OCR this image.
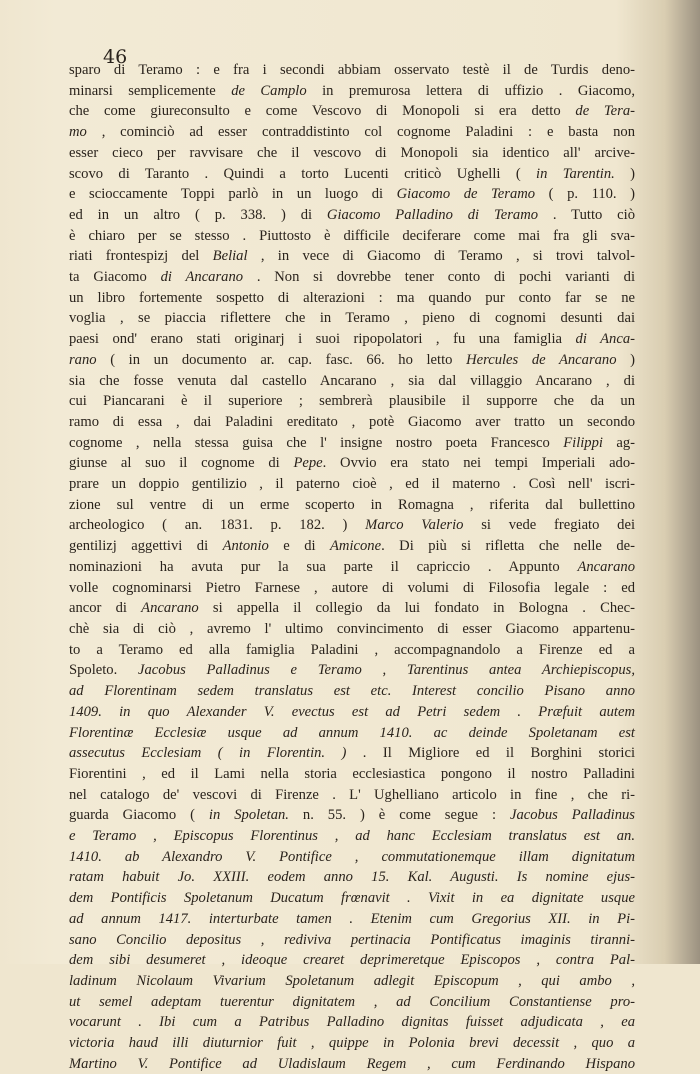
46
sparo di Teramo : e fra i secondi abbiam osservato testè il de Turdis deno-
minarsi semplicemente de Camplo in premurosa lettera di uffizio . Giacomo,
che come giureconsulto e come Vescovo di Monopoli si era detto de Tera-
mo , cominciò ad esser contraddistinto col cognome Paladini : e basta non
esser cieco per ravvisare che il vescovo di Monopoli sia identico all' arcive-
scovo di Taranto . Quindi a torto Lucenti criticò Ughelli ( in Tarentin. )
e scioccamente Toppi parlò in un luogo di Giacomo de Teramo ( p. 110. )
ed in un altro ( p. 338. ) di Giacomo Palladino di Teramo . Tutto ciò
è chiaro per se stesso . Piuttosto è difficile deciferare come mai fra gli sva-
riati frontespizj del Belial , in vece di Giacomo di Teramo , si trovi talvol-
ta Giacomo di Ancarano . Non si dovrebbe tener conto di pochi varianti di
un libro fortemente sospetto di alterazioni : ma quando pur conto far se ne
voglia , se piaccia riflettere che in Teramo , pieno di cognomi desunti dai
paesi ond' erano stati originarj i suoi ripopolatori , fu una famiglia di Anca-
rano ( in un documento ar. cap. fasc. 66. ho letto Hercules de Ancarano )
sia che fosse venuta dal castello Ancarano , sia dal villaggio Ancarano , di
cui Piancarani è il superiore ; sembrerà plausibile il supporre che da un
ramo di essa , dai Paladini ereditato , potè Giacomo aver tratto un secondo
cognome , nella stessa guisa che l' insigne nostro poeta Francesco Filippi ag-
giunse al suo il cognome di Pepe. Ovvio era stato nei tempi Imperiali ado-
prare un doppio gentilizio , il paterno cioè , ed il materno . Così nell' iscri-
zione sul ventre di un erme scoperto in Romagna , riferita dal bullettino
archeologico ( an. 1831. p. 182. ) Marco Valerio si vede fregiato dei
gentilizj aggettivi di Antonio e di Amicone. Di più si rifletta che nelle de-
nominazioni ha avuta pur la sua parte il capriccio . Appunto Ancarano
volle cognominarsi Pietro Farnese , autore di volumi di Filosofia legale : ed
ancor di Ancarano si appella il collegio da lui fondato in Bologna . Chec-
chè sia di ciò , avremo l' ultimo convincimento di esser Giacomo appartenu-
to a Teramo ed alla famiglia Paladini , accompagnandolo a Firenze ed a
Spoleto. Jacobus Palladinus e Teramo , Tarentinus antea Archiepiscopus,
ad Florentinam sedem translatus est etc. Interest concilio Pisano anno
1409. in quo Alexander V. evectus est ad Petri sedem . Præfuit autem
Florentinæ Ecclesiæ usque ad annum 1410. ac deinde Spoletanam est
assecutus Ecclesiam ( in Florentin. ) . Il Migliore ed il Borghini storici
Fiorentini , ed il Lami nella storia ecclesiastica pongono il nostro Palladini
nel catalogo de' vescovi di Firenze . L' Ughelliano articolo in fine , che ri-
guarda Giacomo ( in Spoletan. n. 55. ) è come segue : Jacobus Palladinus
e Teramo , Episcopus Florentinus , ad hanc Ecclesiam translatus est an.
1410. ab Alexandro V. Pontifice , commutationemque illam dignitatum
ratam habuit Jo. XXIII. eodem anno 15. Kal. Augusti. Is nomine ejus-
dem Pontificis Spoletanum Ducatum frœnavit . Vixit in ea dignitate usque
ad annum 1417. interturbate tamen . Etenim cum Gregorius XII. in Pi-
sano Concilio depositus , rediviva pertinacia Pontificatus imaginis tiranni-
dem sibi desumeret , ideoque crearet deprimeretque Episcopos , contra Pal-
ladinum Nicolaum Vivarium Spoletanum adlegit Episcopum , qui ambo ,
ut semel adeptam tuerentur dignitatem , ad Concilium Constantiense pro-
vocarunt . Ibi cum a Patribus Palladino dignitas fuisset adjudicata , ea
victoria haud illi diuturnior fuit , quippe in Polonia brevi decessit , quo a
Martino V. Pontifice ad Uladislaum Regem , cum Ferdinando Hispano
